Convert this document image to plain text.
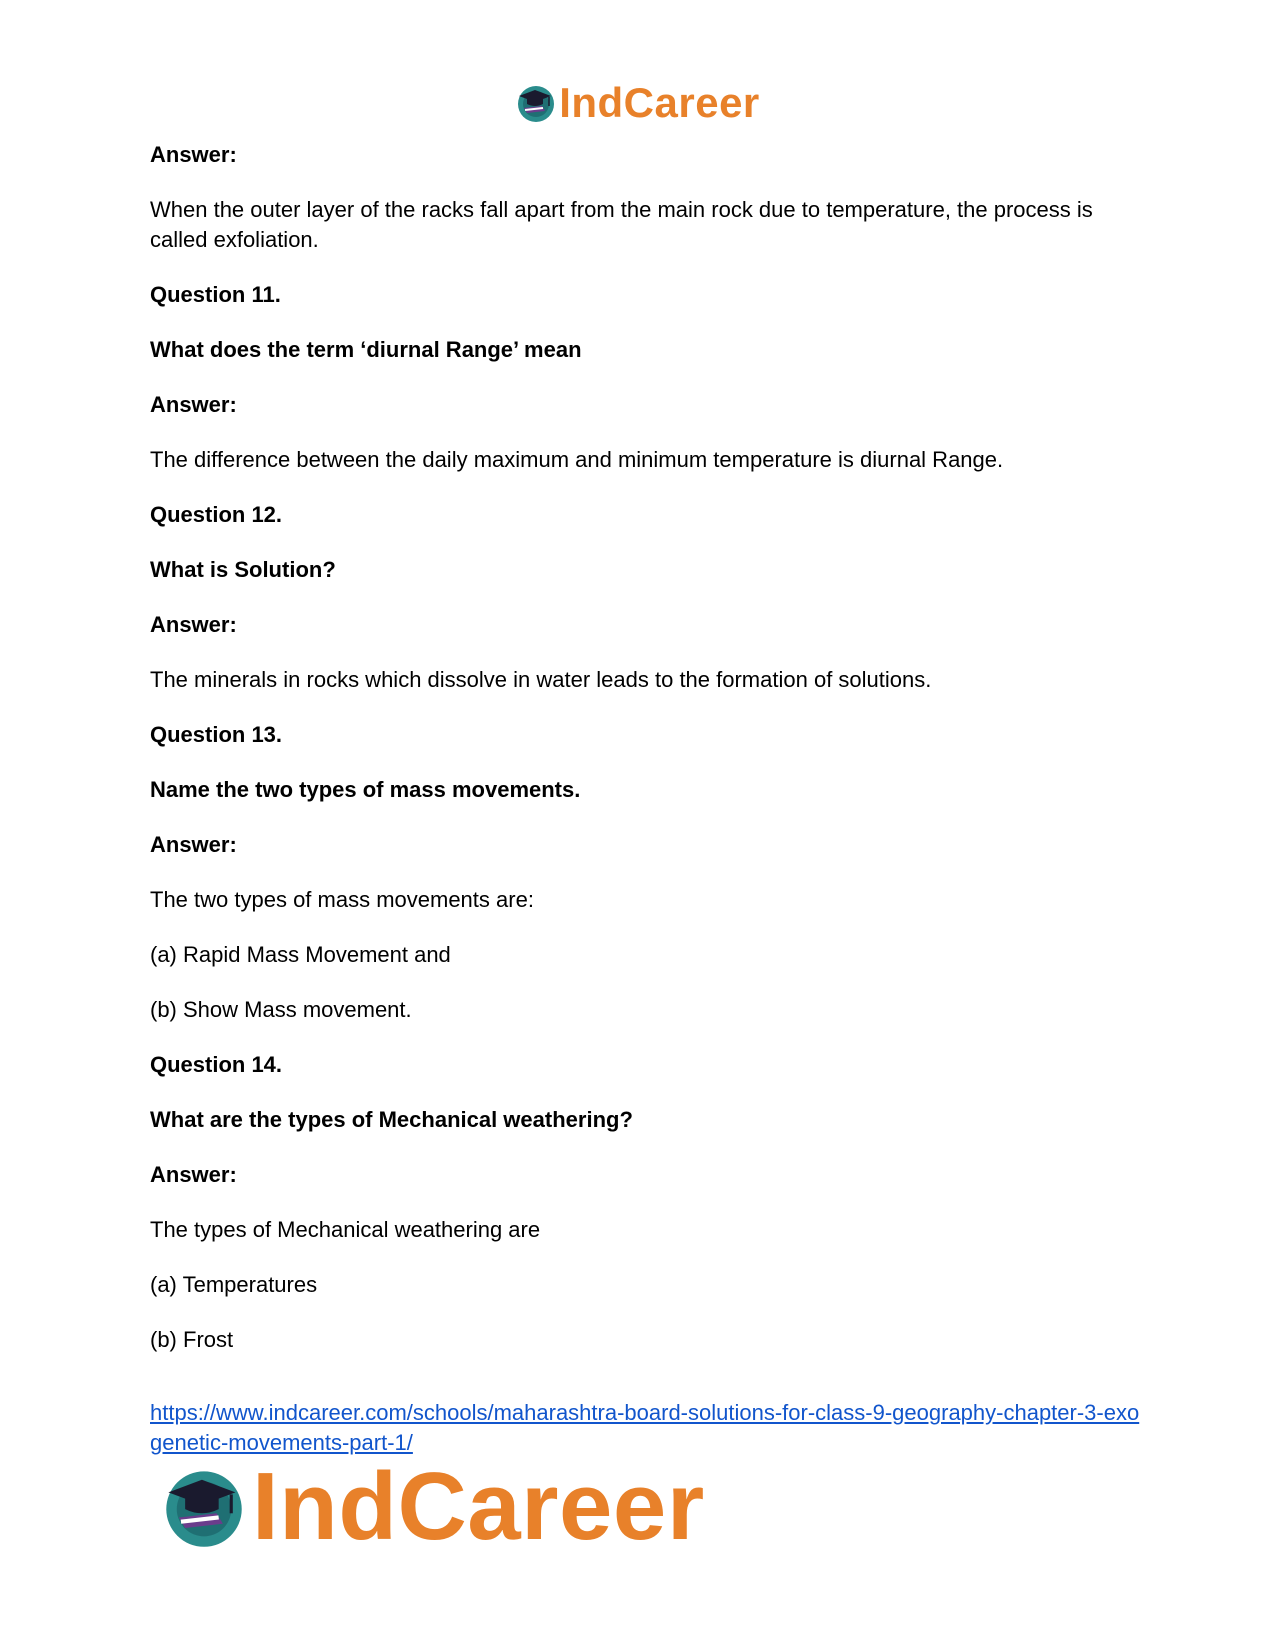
IndCareer

Answer:

When the outer layer of the racks fall apart from the main rock due to temperature, the process is called exfoliation.

Question 11.

What does the term ‘diurnal Range’ mean

Answer:

The difference between the daily maximum and minimum temperature is diurnal Range.

Question 12.

What is Solution?

Answer:

The minerals in rocks which dissolve in water leads to the formation of solutions.

Question 13.

Name the two types of mass movements.

Answer:

The two types of mass movements are:

(a) Rapid Mass Movement and

(b) Show Mass movement.

Question 14.

What are the types of Mechanical weathering?

Answer:

The types of Mechanical weathering are

(a) Temperatures

(b) Frost

https://www.indcareer.com/schools/maharashtra-board-solutions-for-class-9-geography-chapter-3-exogenetic-movements-part-1/
IndCareer
